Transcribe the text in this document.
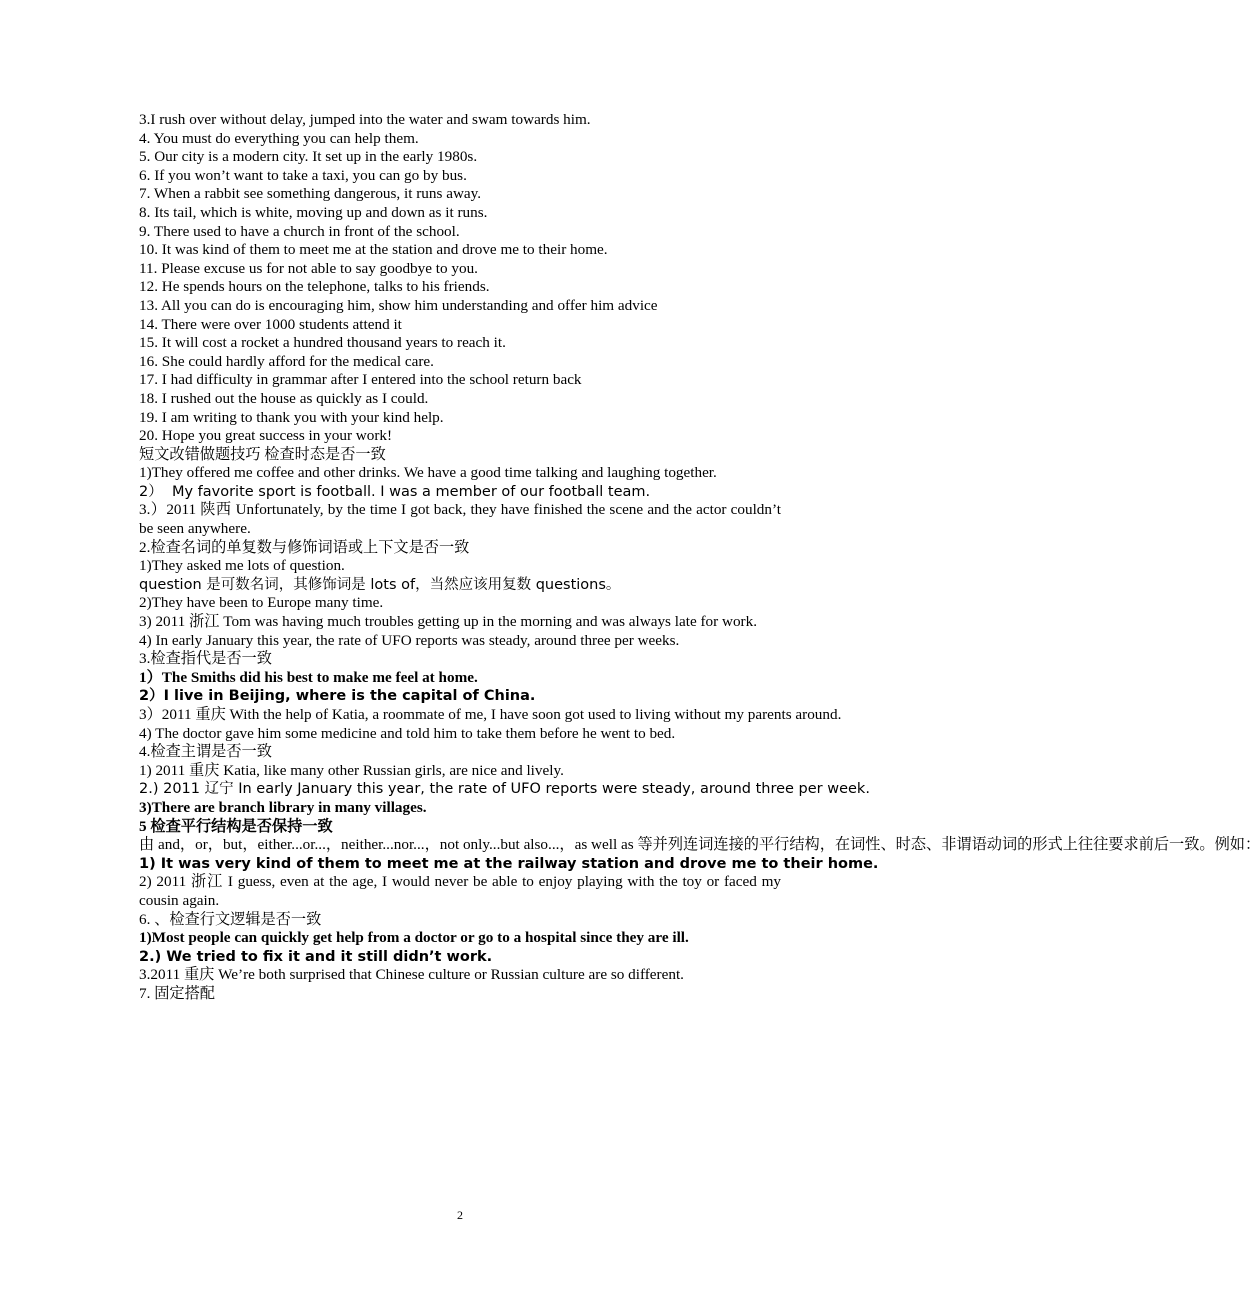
3.I rush over without delay, jumped into the water and swam towards him.
4. You must do everything you can help them.
5. Our city is a modern city. It set up in the early 1980s.
6. If you won’t want to take a taxi, you can go by bus.
7. When a rabbit see something dangerous, it runs away.
8. Its tail, which is white, moving up and down as it runs.
9. There used to have a church in front of the school.
10. It was kind of them to meet me at the station and drove me to their home.
11. Please excuse us for not able to say goodbye to you.
12. He spends hours on the telephone, talks to his friends.
13. All you can do is encouraging him, show him understanding and offer him advice
14. There were over 1000 students attend it
15. It will cost a rocket a hundred thousand years to reach it.
16. She could hardly afford for the medical care.
17. I had difficulty in grammar after I entered into the school return back
18. I rushed out the house as quickly as I could.
19. I am writing to thank you with your kind help.
20. Hope you great success in your work!
短文改错做题技巧 检查时态是否一致
1)They offered me coffee and other drinks. We have a good time talking and laughing together.
2）  My favorite sport is football. I was a member of our football team.
3.）2011 陕西 Unfortunately, by the time I got back, they have finished the scene and the actor couldn’t be seen anywhere.
2.检查名词的单复数与修饰词语或上下文是否一致
1)They asked me lots of question.
question 是可数名词，其修饰词是 lots of，当然应该用复数 questions。
2)They have been to Europe many time.
3) 2011 浙江 Tom was having much troubles getting up in the morning and was always late for work.
4) In early January this year, the rate of UFO reports was steady, around three per weeks.
3.检查指代是否一致
1）The Smiths did his best to make me feel at home.
2）I live in Beijing, where is the capital of China.
3）2011 重庆 With the help of Katia, a roommate of me, I have soon got used to living without my parents around.
4) The doctor gave him some medicine and told him to take them before he went to bed.
4.检查主谓是否一致
1) 2011 重庆 Katia, like many other Russian girls, are nice and lively.
2.) 2011 辽宁 In early January this year, the rate of UFO reports were steady, around three per week.
3)There are branch library in many villages.
5 检查平行结构是否保持一致
由 and，or，but，either...or...，neither...nor...，not only...but also...，as well as 等并列连词连接的平行结构，在词性、时态、非谓语动词的形式上往往要求前后一致。例如：
1) It was very kind of them to meet me at the railway station and drove me to their home.
2) 2011 浙江 I guess, even at the age, I would never be able to enjoy playing with the toy or faced my cousin again.
6. 、检查行文逻辑是否一致
1)Most people can quickly get help from a doctor or go to a hospital since they are ill.
2.) We tried to fix it and it still didn’t work.
3.2011 重庆 We’re both surprised that Chinese culture or Russian culture are so different.
7. 固定搭配
2
